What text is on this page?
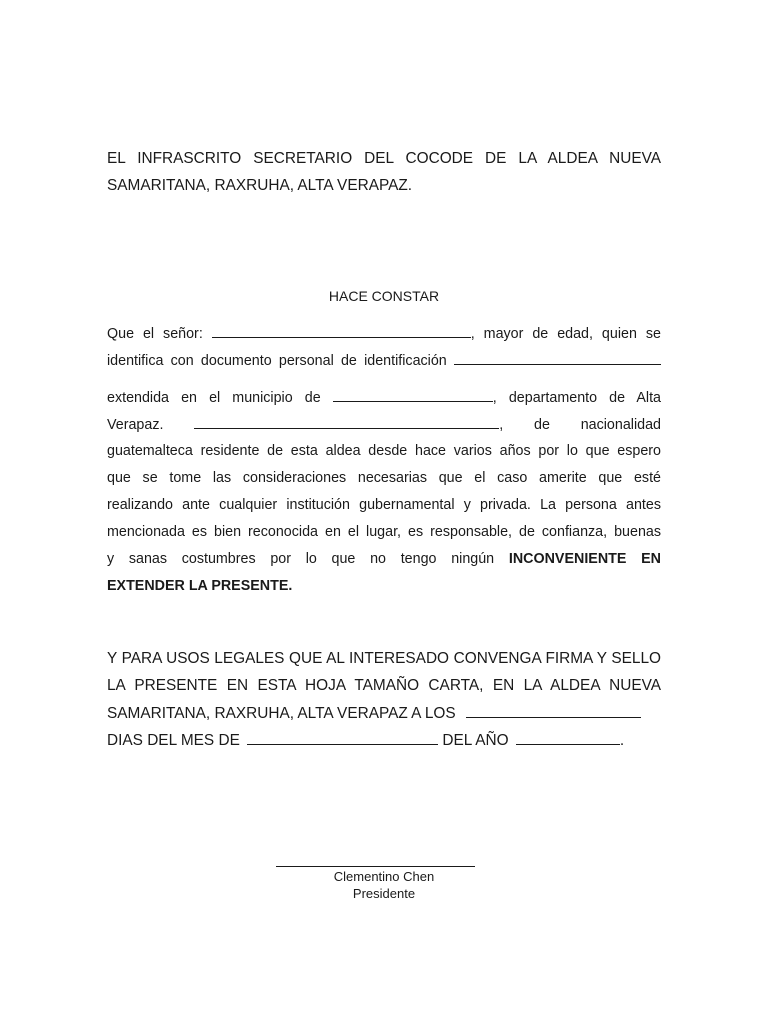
EL INFRASCRITO SECRETARIO DEL COCODE DE LA ALDEA NUEVA
SAMARITANA, RAXRUHA, ALTA VERAPAZ.
HACE CONSTAR
Que el señor:	, mayor de edad, quien se
identifica con documento personal de identificación
extendida en el municipio de	, departamento de Alta
Verapaz.	, de nacionalidad
guatemalteca residente de esta aldea desde hace varios años por lo que espero
que se tome las consideraciones necesarias que el caso amerite que esté
realizando ante cualquier institución gubernamental y privada. La persona antes
mencionada es bien reconocida en el lugar, es responsable, de confianza, buenas
y sanas costumbres por lo que no tengo ningún INCONVENIENTE EN
EXTENDER LA PRESENTE.
Y PARA USOS LEGALES QUE AL INTERESADO CONVENGA FIRMA Y SELLO
LA PRESENTE EN ESTA HOJA TAMAÑO CARTA, EN LA ALDEA NUEVA
SAMARITANA, RAXRUHA, ALTA VERAPAZ A LOS
DIAS DEL MES DE	DEL AÑO	.
Clementino Chen
Presidente
